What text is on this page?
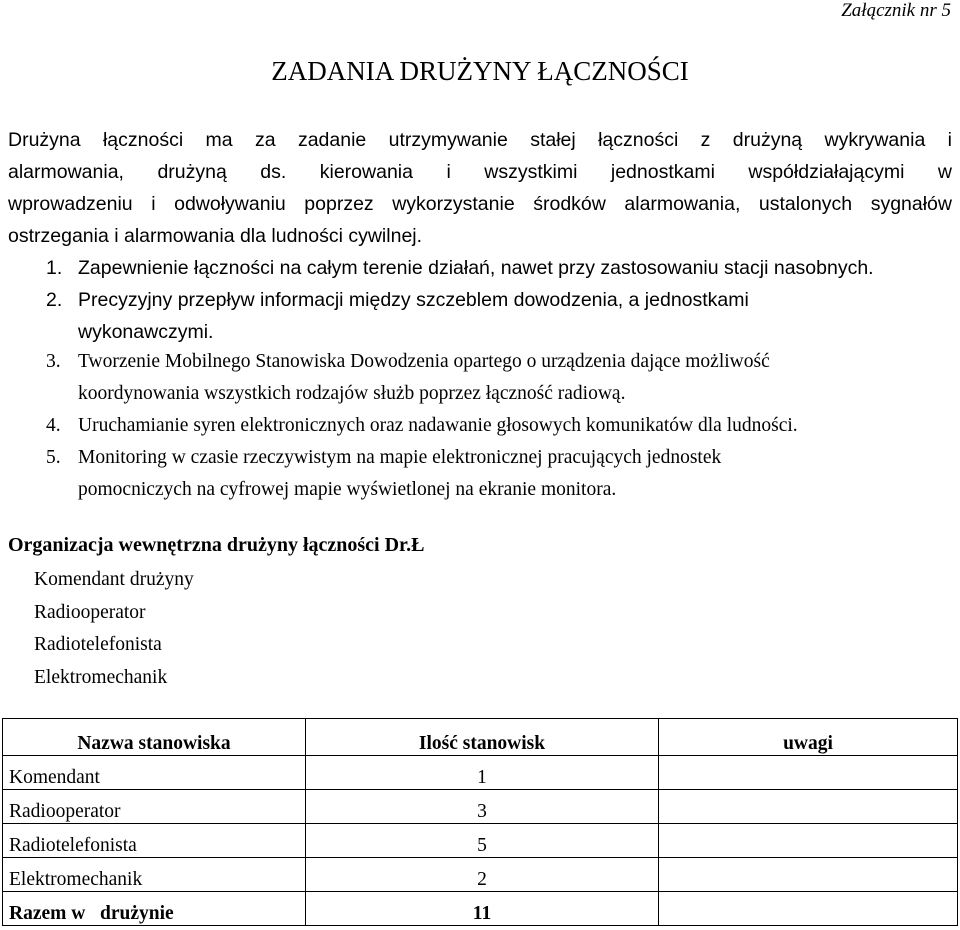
Załącznik nr 5
ZADANIA DRUŻYNY ŁĄCZNOŚCI
Drużyna łączności ma za zadanie utrzymywanie stałej łączności z drużyną wykrywania i
alarmowania, drużyną ds. kierowania i wszystkimi jednostkami współdziałającymi w
wprowadzeniu i odwoływaniu poprzez wykorzystanie środków alarmowania, ustalonych sygnałów
ostrzegania i alarmowania dla ludności cywilnej.
1. Zapewnienie łączności na całym terenie działań, nawet przy zastosowaniu stacji nasobnych.
2. Precyzyjny przepływ informacji między szczeblem dowodzenia, a jednostkami
wykonawczymi.
3. Tworzenie Mobilnego Stanowiska Dowodzenia opartego o urządzenia dające możliwość
koordynowania wszystkich rodzajów służb poprzez łączność radiową.
4. Uruchamianie syren elektronicznych oraz nadawanie głosowych komunikatów dla ludności.
5. Monitoring w czasie rzeczywistym na mapie elektronicznej pracujących jednostek
pomocniczych na cyfrowej mapie wyświetlonej na ekranie monitora.
Organizacja wewnętrzna drużyny łączności Dr.Ł
Komendant drużyny
Radiooperator
Radiotelefonista
Elektromechanik
Nazwa stanowiska	Ilość stanowisk	uwagi
Komendant	1	
Radiooperator	3	
Radiotelefonista	5	
Elektromechanik	2	
Razem w   drużynie	11	
